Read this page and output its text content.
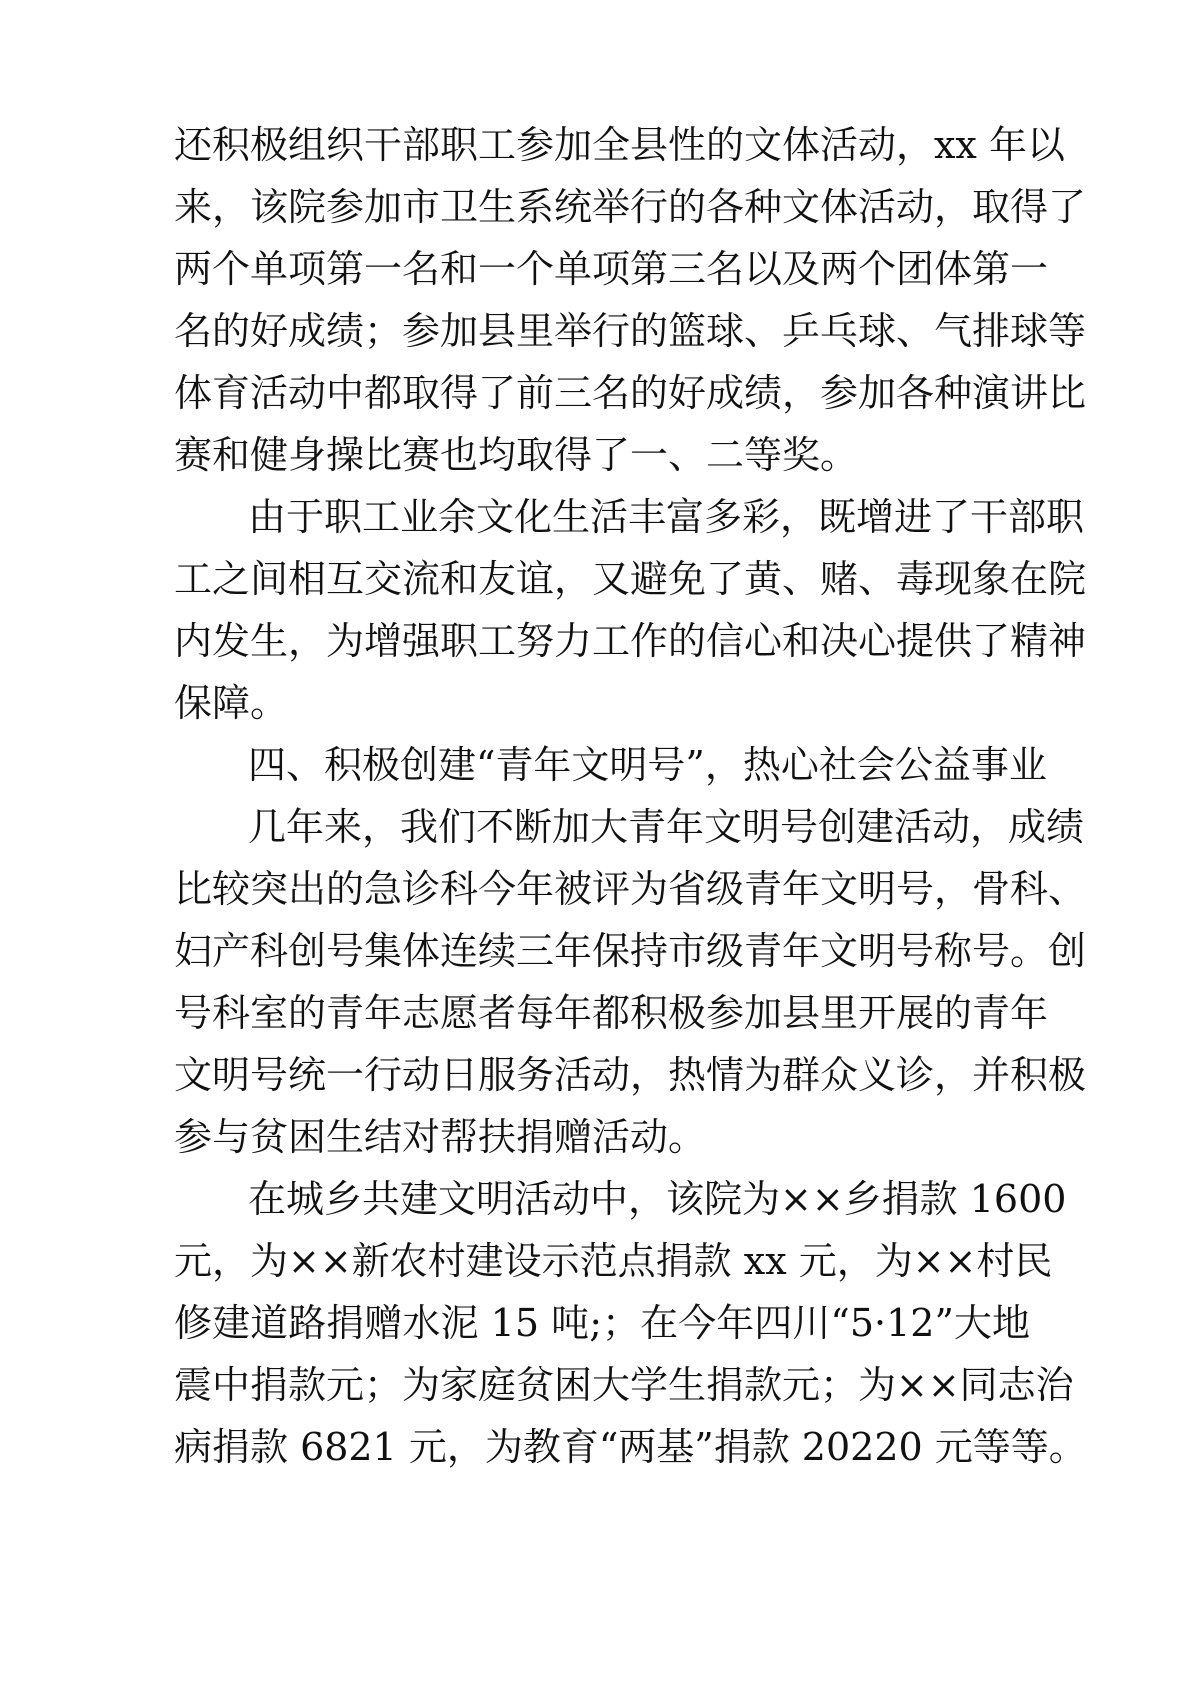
还积极组织干部职工参加全县性的文体活动，xx 年以
来，该院参加市卫生系统举行的各种文体活动，取得了
两个单项第一名和一个单项第三名以及两个团体第一
名的好成绩；参加县里举行的篮球、乒乓球、气排球等
体育活动中都取得了前三名的好成绩，参加各种演讲比
赛和健身操比赛也均取得了一、二等奖。
由于职工业余文化生活丰富多彩，既增进了干部职
工之间相互交流和友谊，又避免了黄、赌、毒现象在院
内发生，为增强职工努力工作的信心和决心提供了精神
保障。
四、积极创建“青年文明号”，热心社会公益事业
几年来，我们不断加大青年文明号创建活动，成绩
比较突出的急诊科今年被评为省级青年文明号，骨科、
妇产科创号集体连续三年保持市级青年文明号称号。创
号科室的青年志愿者每年都积极参加县里开展的青年
文明号统一行动日服务活动，热情为群众义诊，并积极
参与贫困生结对帮扶捐赠活动。
在城乡共建文明活动中，该院为××乡捐款 1600
元，为××新农村建设示范点捐款 xx 元，为××村民
修建道路捐赠水泥 15 吨;；在今年四川“5·12”大地
震中捐款元；为家庭贫困大学生捐款元；为××同志治
病捐款 6821 元，为教育“两基”捐款 20220 元等等。
